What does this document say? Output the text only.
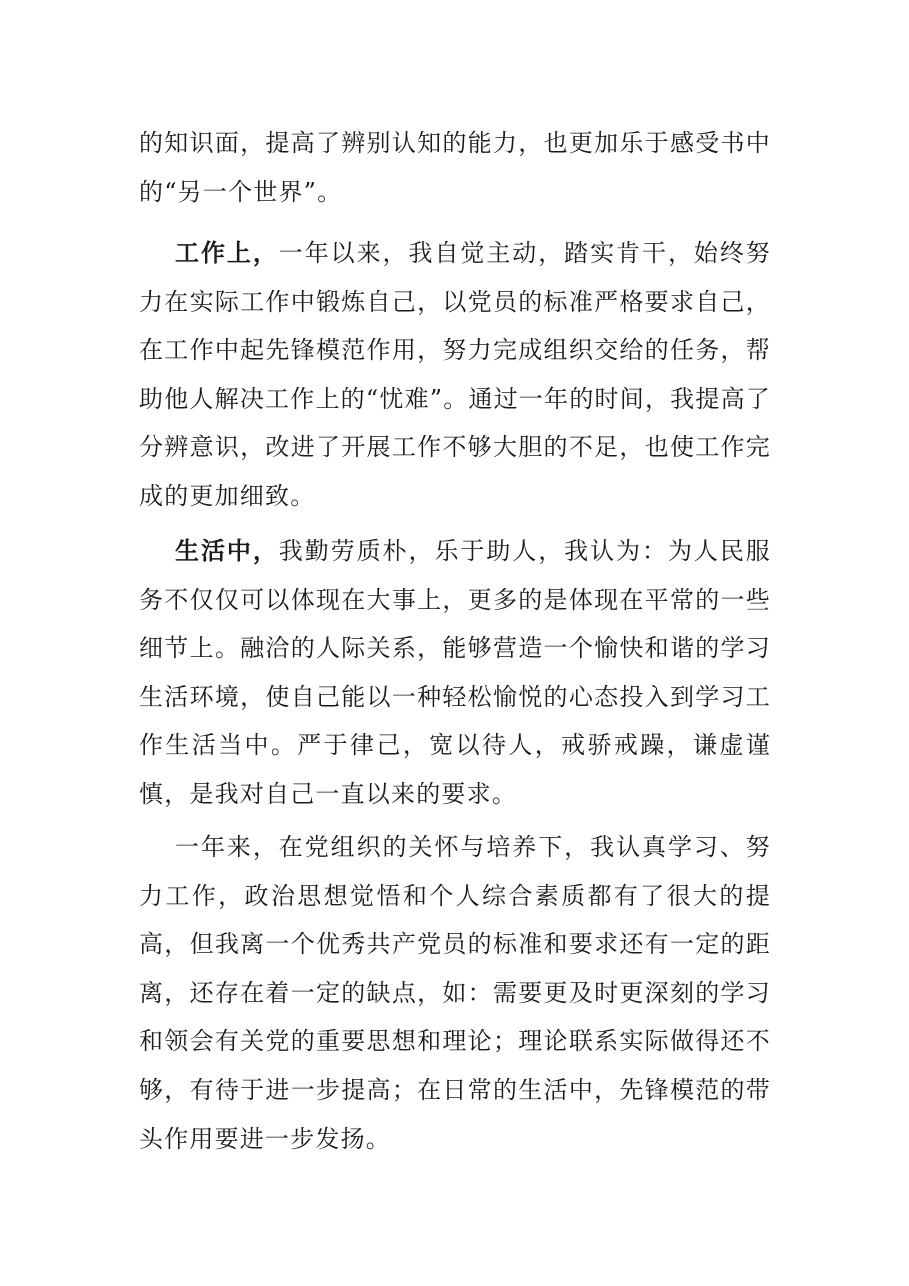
的知识面，提高了辨别认知的能力，也更加乐于感受书中的“另一个世界”。

工作上，一年以来，我自觉主动，踏实肯干，始终努力在实际工作中锻炼自己，以党员的标准严格要求自己，在工作中起先锋模范作用，努力完成组织交给的任务，帮助他人解决工作上的“忧难”。通过一年的时间，我提高了分辨意识，改进了开展工作不够大胆的不足，也使工作完成的更加细致。

生活中，我勤劳质朴，乐于助人，我认为：为人民服务不仅仅可以体现在大事上，更多的是体现在平常的一些细节上。融洽的人际关系，能够营造一个愉快和谐的学习生活环境，使自己能以一种轻松愉悦的心态投入到学习工作生活当中。严于律己，宽以待人，戒骄戒躁，谦虚谨慎，是我对自己一直以来的要求。

一年来，在党组织的关怀与培养下，我认真学习、努力工作，政治思想觉悟和个人综合素质都有了很大的提高，但我离一个优秀共产党员的标准和要求还有一定的距离，还存在着一定的缺点，如：需要更及时更深刻的学习和领会有关党的重要思想和理论；理论联系实际做得还不够，有待于进一步提高；在日常的生活中，先锋模范的带头作用要进一步发扬。
